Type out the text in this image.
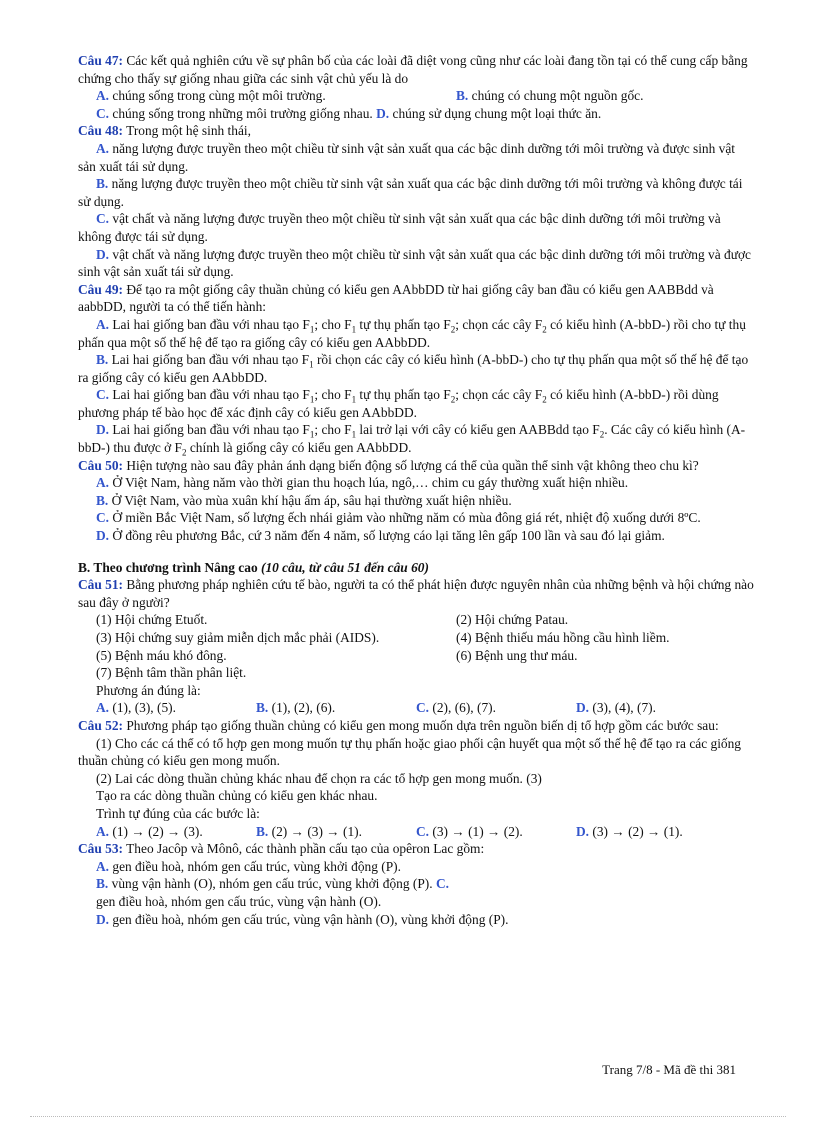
Câu 47: Các kết quả nghiên cứu về sự phân bố của các loài đã diệt vong cũng như các loài đang tồn tại có thể cung cấp bằng chứng cho thấy sự giống nhau giữa các sinh vật chủ yếu là do

A. chúng sống trong cùng một môi trường.	B. chúng có chung một nguồn gốc.
C. chúng sống trong những môi trường giống nhau. D. chúng sử dụng chung một loại thức ăn.

Câu 48: Trong một hệ sinh thái,

A. năng lượng được truyền theo một chiều từ sinh vật sản xuất qua các bậc dinh dưỡng tới môi trường và được sinh vật sản xuất tái sử dụng.

B. năng lượng được truyền theo một chiều từ sinh vật sản xuất qua các bậc dinh dưỡng tới môi trường và không được tái sử dụng.

C. vật chất và năng lượng được truyền theo một chiều từ sinh vật sản xuất qua các bậc dinh dưỡng tới môi trường và không được tái sử dụng.

D. vật chất và năng lượng được truyền theo một chiều từ sinh vật sản xuất qua các bậc dinh dưỡng tới môi trường và được sinh vật sản xuất tái sử dụng.

Câu 49: Để tạo ra một giống cây thuần chủng có kiểu gen AAbbDD từ hai giống cây ban đầu có kiểu gen AABBdd và aabbDD, người ta có thể tiến hành:

A. Lai hai giống ban đầu với nhau tạo $F_1$; cho $F_1$ tự thụ phấn tạo $F_2$; chọn các cây $F_2$ có kiểu hình (A-bbD-) rồi cho tự thụ phấn qua một số thế hệ để tạo ra giống cây có kiểu gen AAbbDD.

B. Lai hai giống ban đầu với nhau tạo $F_1$ rồi chọn các cây có kiểu hình (A-bbD-) cho tự thụ phấn qua một số thế hệ để tạo ra giống cây có kiểu gen AAbbDD.

C. Lai hai giống ban đầu với nhau tạo $F_1$; cho $F_1$ tự thụ phấn tạo $F_2$; chọn các cây $F_2$ có kiểu hình (A-bbD-) rồi dùng phương pháp tế bào học để xác định cây có kiểu gen AAbbDD.

D. Lai hai giống ban đầu với nhau tạo $F_1$; cho $F_1$ lai trở lại với cây có kiểu gen AABBdd tạo $F_2$. Các cây có kiểu hình (A-bbD-) thu được ở $F_2$ chính là giống cây có kiểu gen AAbbDD.

Câu 50: Hiện tượng nào sau đây phản ánh dạng biến động số lượng cá thể của quần thể sinh vật không theo chu kì?

A. Ở Việt Nam, hàng năm vào thời gian thu hoạch lúa, ngô,… chim cu gáy thường xuất hiện nhiều.

B. Ở Việt Nam, vào mùa xuân khí hậu ấm áp, sâu hại thường xuất hiện nhiều.

C. Ở miền Bắc Việt Nam, số lượng ếch nhái giảm vào những năm có mùa đông giá rét, nhiệt độ xuống dưới 8ºC.

D. Ở đồng rêu phương Bắc, cứ 3 năm đến 4 năm, số lượng cáo lại tăng lên gấp 100 lần và sau đó lại giảm.

B. Theo chương trình Nâng cao (10 câu, từ câu 51 đến câu 60)

Câu 51: Bằng phương pháp nghiên cứu tế bào, người ta có thể phát hiện được nguyên nhân của những bệnh và hội chứng nào sau đây ở người?

(1) Hội chứng Etuốt.	(2) Hội chứng Patau.
(3) Hội chứng suy giảm miễn dịch mắc phải (AIDS).	(4) Bệnh thiếu máu hồng cầu hình liềm.
(5) Bệnh máu khó đông.	(6) Bệnh ung thư máu.

(7) Bệnh tâm thần phân liệt.

Phương án đúng là:

A. (1), (3), (5).	B. (1), (2), (6).	C. (2), (6), (7).	D. (3), (4), (7).

Câu 52: Phương pháp tạo giống thuần chủng có kiểu gen mong muốn dựa trên nguồn biến dị tổ hợp gồm các bước sau:

(1) Cho các cá thể có tổ hợp gen mong muốn tự thụ phấn hoặc giao phối cận huyết qua một số thế hệ để tạo ra các giống thuần chủng có kiểu gen mong muốn.

(2) Lai các dòng thuần chủng khác nhau để chọn ra các tổ hợp gen mong muốn. (3)

Tạo ra các dòng thuần chủng có kiểu gen khác nhau.

Trình tự đúng của các bước là:

A. (1) → (2) → (3).	B. (2) → (3) → (1).	C. (3) → (1) → (2).	D. (3) → (2) → (1).

Câu 53: Theo Jacôp và Mônô, các thành phần cấu tạo của opêron Lac gồm:

A. gen điều hoà, nhóm gen cấu trúc, vùng khởi động (P).

B. vùng vận hành (O), nhóm gen cấu trúc, vùng khởi động (P). C.

gen điều hoà, nhóm gen cấu trúc, vùng vận hành (O).

D. gen điều hoà, nhóm gen cấu trúc, vùng vận hành (O), vùng khởi động (P).

Trang 7/8 - Mã đề thi 381
